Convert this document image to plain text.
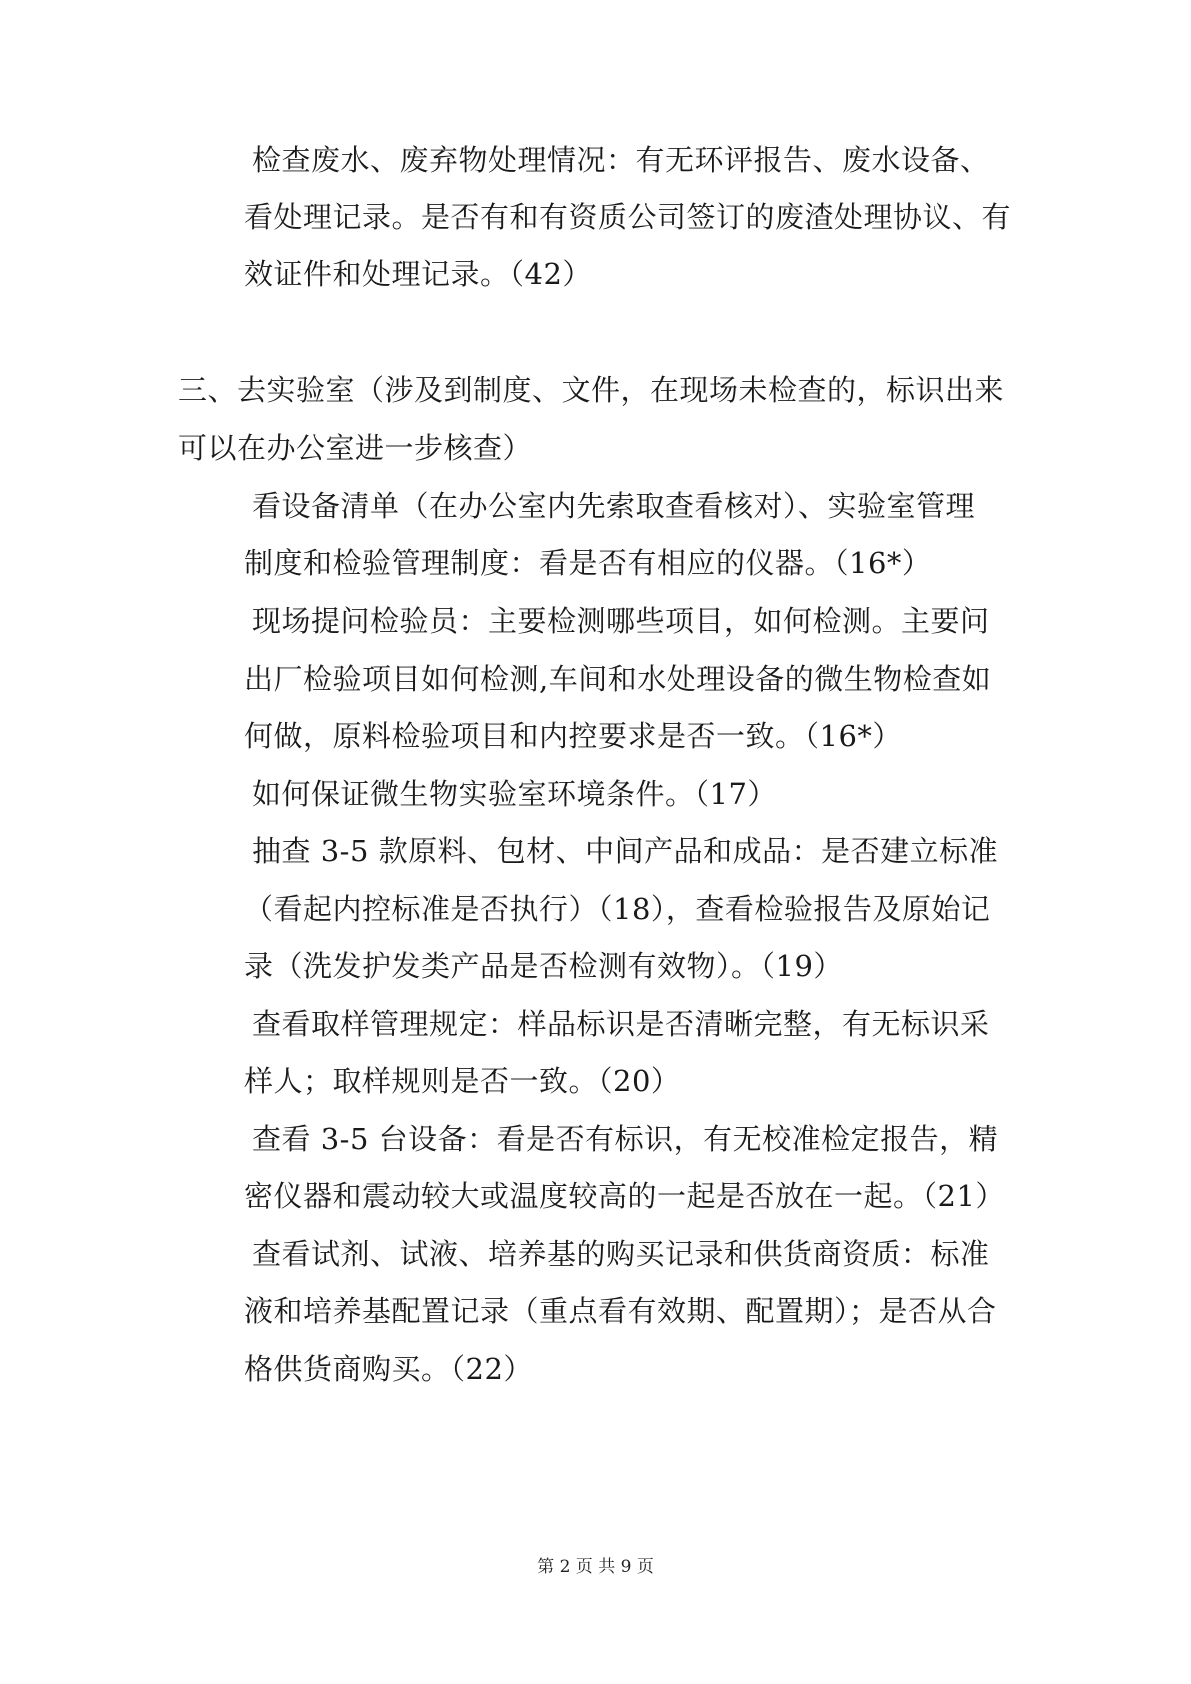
检查废水、废弃物处理情况：有无环评报告、废水设备、
看处理记录。是否有和有资质公司签订的废渣处理协议、有
效证件和处理记录。（42）
三、去实验室（涉及到制度、文件，在现场未检查的，标识出来
可以在办公室进一步核查）
看设备清单（在办公室内先索取查看核对）、实验室管理
制度和检验管理制度：看是否有相应的仪器。（16*）
现场提问检验员：主要检测哪些项目，如何检测。主要问
出厂检验项目如何检测,车间和水处理设备的微生物检查如
何做，原料检验项目和内控要求是否一致。（16*）
如何保证微生物实验室环境条件。（17）
抽查 3-5 款原料、包材、中间产品和成品：是否建立标准
（看起内控标准是否执行）（18），查看检验报告及原始记
录（洗发护发类产品是否检测有效物）。（19）
查看取样管理规定：样品标识是否清晰完整，有无标识采
样人；取样规则是否一致。（20）
查看 3-5 台设备：看是否有标识，有无校准检定报告，精
密仪器和震动较大或温度较高的一起是否放在一起。（21）
查看试剂、试液、培养基的购买记录和供货商资质：标准
液和培养基配置记录（重点看有效期、配置期）；是否从合
格供货商购买。（22）
第 2 页 共 9 页
